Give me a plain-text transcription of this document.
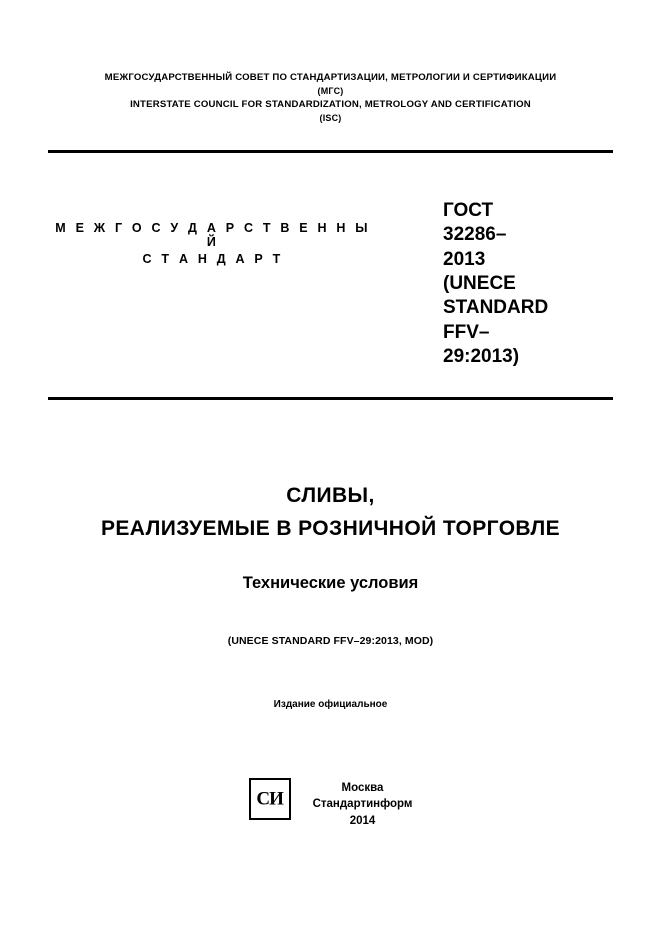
МЕЖГОСУДАРСТВЕННЫЙ СОВЕТ ПО СТАНДАРТИЗАЦИИ, МЕТРОЛОГИИ И СЕРТИФИКАЦИИ
(МГС)
INTERSTATE COUNCIL FOR STANDARDIZATION, METROLOGY AND CERTIFICATION
(ISC)
М Е Ж Г О С У Д А Р С Т В Е Н Н Ы Й
С Т А Н Д А Р Т
ГОСТ
32286–
2013
(UNECE
STANDARD
FFV–
29:2013)
СЛИВЫ,
РЕАЛИЗУЕМЫЕ В РОЗНИЧНОЙ ТОРГОВЛЕ
Технические условия
(UNECE STANDARD FFV–29:2013, MOD)
Издание официальное
СИ
Москва
Стандартинформ
2014
